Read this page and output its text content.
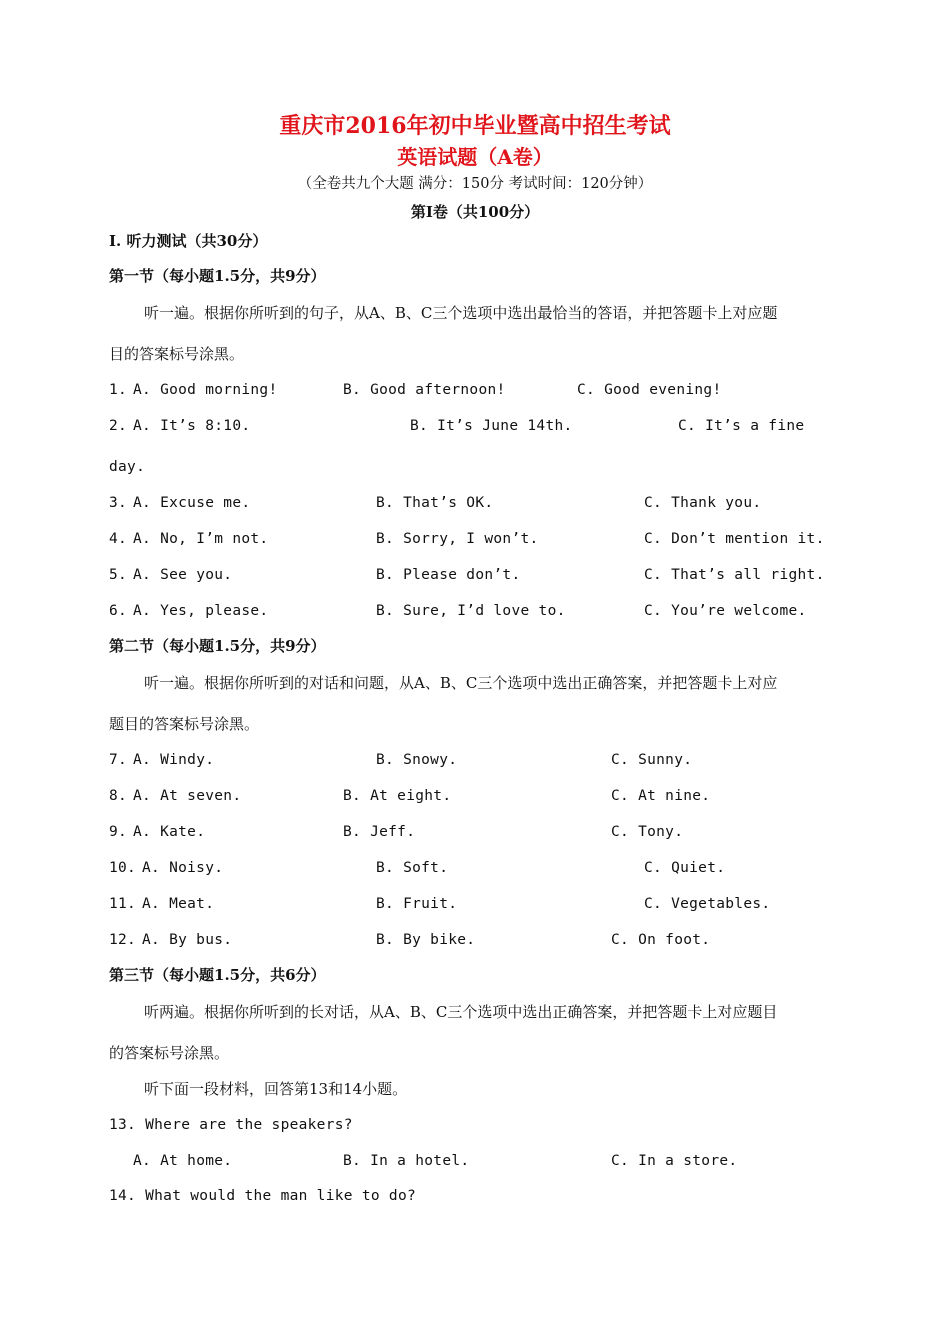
重庆市2016年初中毕业暨高中招生考试
英语试题（A卷）
（全卷共九个大题 满分：150分 考试时间：120分钟）
第Ⅰ卷（共100分）
I. 听力测试（共30分）
第一节（每小题1.5分，共9分）
听一遍。根据你所听到的句子，从A、B、C三个选项中选出最恰当的答语，并把答题卡上对应题
目的答案标号涂黑。
1. A. Good morning!	B. Good afternoon!	C. Good evening!
2. A. It’s 8:10.	B. It’s June 14th.	C. It’s a fine
day.
3. A. Excuse me.	B. That’s OK.	C. Thank you.
4. A. No, I’m not.	B. Sorry, I won’t.	C. Don’t mention it.
5. A. See you.	B. Please don’t.	C. That’s all right.
6. A. Yes, please.	B. Sure, I’d love to.	C. You’re welcome.
第二节（每小题1.5分，共9分）
听一遍。根据你所听到的对话和问题，从A、B、C三个选项中选出正确答案，并把答题卡上对应
题目的答案标号涂黑。
7. A. Windy.	B. Snowy.	C. Sunny.
8. A. At seven.	B. At eight.	C. At nine.
9. A. Kate.	B. Jeff.	C. Tony.
10. A. Noisy.	B. Soft.	C. Quiet.
11. A. Meat.	B. Fruit.	C. Vegetables.
12. A. By bus.	B. By bike.	C. On foot.
第三节（每小题1.5分，共6分）
听两遍。根据你所听到的长对话，从A、B、C三个选项中选出正确答案，并把答题卡上对应题目
的答案标号涂黑。
听下面一段材料，回答第13和14小题。
13. Where are the speakers?
A. At home.	B. In a hotel.	C. In a store.
14. What would the man like to do?
